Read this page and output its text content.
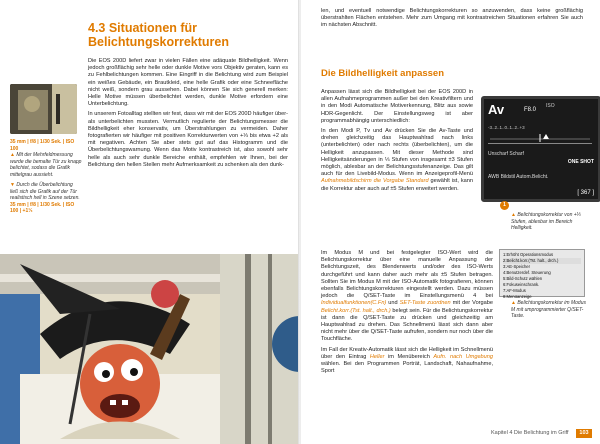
35 mm | f/8 | 1/30 Sek. | ISO 100
▲ Mit der Mehrfeldmessung wurde die bemalte Tür zu knapp belichtet, sodass die Grafik mittelgrau aussieht.
▼ Durch die Überbelichtung ließ sich die Grafik auf der Tür realistisch hell in Szene setzen.
35 mm | f/8 | 1/30 Sek. | ISO 100 | +1⅓
4.3 Situationen für Belichtungskorrekturen

Die EOS 200D liefert zwar in vielen Fällen eine adäquate Bildhelligkeit. Wenn jedoch großflächig sehr helle oder dunkle Motive vors Objektiv geraten, kann es zu Fehlbelichtungen kommen. Eine Eingriff in die Belichtung wird zum Beispiel ein weißes Gebäude, ein Brautkleid, eine helle Grafik oder eine Schneefläche nicht weiß, sondern grau aussehen. Dabei können Sie sich generell merken: Helle Motive müssen überbelichtet werden, dunkle Motive erfordern eine Unterbelichtung.

In unserem Fotoalltag stellten wir fest, dass wir mit der EOS 200D häufiger über- als unterbelichten mussten. Vermutlich regulierte der Belichtungsmesser die Bildhelligkeit eher konservativ, um Überstrahlungen zu vermeiden. Daher fotografierten wir häufiger mit positiven Korrekturwerten von +⅓ bis etwa +2 als mit negativen. Achten Sie aber stets gut auf das Histogramm und die Überbelichtungswarnung. Wenn das Motiv kontrastreich ist, also sowohl sehr helle als auch sehr dunkle Bereiche enthält, empfehlen wir Ihnen, bei der Belichtung den hellen Stellen mehr Aufmerksamkeit zu schenken als den dunk-

len, und eventuell notwendige Belichtungskorrekturen so anzuwenden, dass keine großflächig überstrahlten Flächen entstehen. Mehr zum Umgang mit kontrastreichen Situationen erfahren Sie auch im nächsten Abschnitt.

Die Bildhelligkeit anpassen

Anpassen lässt sich die Bildhelligkeit bei der EOS 200D in allen Aufnahmeprogrammen außer bei den Kreativfiltern und in den Modi Automatische Motiverkennung, Blitz aus sowie HDR-Gegenlicht. Der Einstellungsweg ist aber programmabhängig unterschiedlich:

In den Modi P, Tv und Av drücken Sie die Av-Taste und drehen gleichzeitig das Hauptwahlrad nach links (unterbelichten) oder nach rechts (überbelichten), um die Helligkeit anzupassen. Mit dieser Methode sind Helligkeitsänderungen in ⅓ Stufen von insgesamt ±3 Stufen möglich, ablesbar an der Belichtungsstufenanzeige. Das gilt auch für den Livebild-Modus. Wenn im Anzeigeprofil-Menü Aufnahmebildschirm die Vorgabe Standard gewählt ist, kann die Korrektur aber auch auf ±5 Stufen erweitert werden.

Im Modus M und bei festgelegter ISO-Wert wird die Belichtungskorrektur über eine manuelle Anpassung der Belichtungszeit, des Blendenwerts und/oder des ISO-Werts durchgeführt und kann daher auch mehr als ±5 Stufen betragen. Sollten Sie im Modus M mit der ISO-Automatik fotografieren, können ebenfalls Belichtungskorrekturen eingestellt werden. Dazu müssen jedoch die Q/SET-Taste im Einstellungsmenü 4 bei Individualfunktionen(C.Fn) und SET-Taste zuordnen mit der Vorgabe Belicht.korr.(Tst. halt., drch.) belegt sein. Für die Belichtungskorrektur ist dann die Q/SET-Taste zu drücken und gleichzeitig am Hauptwahlrad zu drehen. Das Schnellmenü lässt sich dann aber nicht mehr über die Q/SET-Taste aufrufen, sondern nur noch über die Touchfläche.

Im Fall der Kreativ-Automatik lässt sich die Helligkeit im Schnellmenü über den Eintrag Heller im Menübereich Aufn. nach Umgebung wählen. Bei den Programmen Porträt, Landschaft, Nahaufnahme, Sport

Av	ISO
F8.0
-3..2..1..0..1..2..+3
Unscharf Scharf
ONE SHOT
AWB Bildstil Autom.Belicht.
[ 367 ]
1
▲ Belichtungskorrektur von +⅓ Stufen, ablesbar im Bereich Helligkeit.
1:Erhöht Operationsmodus
2:Belicht.korr.(Tst. halt., drch.)
3:AE-Speicher
4:Benutzerdef. Steuerung
5:Bild-Schutz wählen
6:Fokuseinschrank.
7:AF-Modus
8:Menüanzeige
▲ Belichtungskorrektur im Modus M mit umprogrammierter Q/SET-Taste.
Kapitel 4 Die Belichtung im Griff	103
